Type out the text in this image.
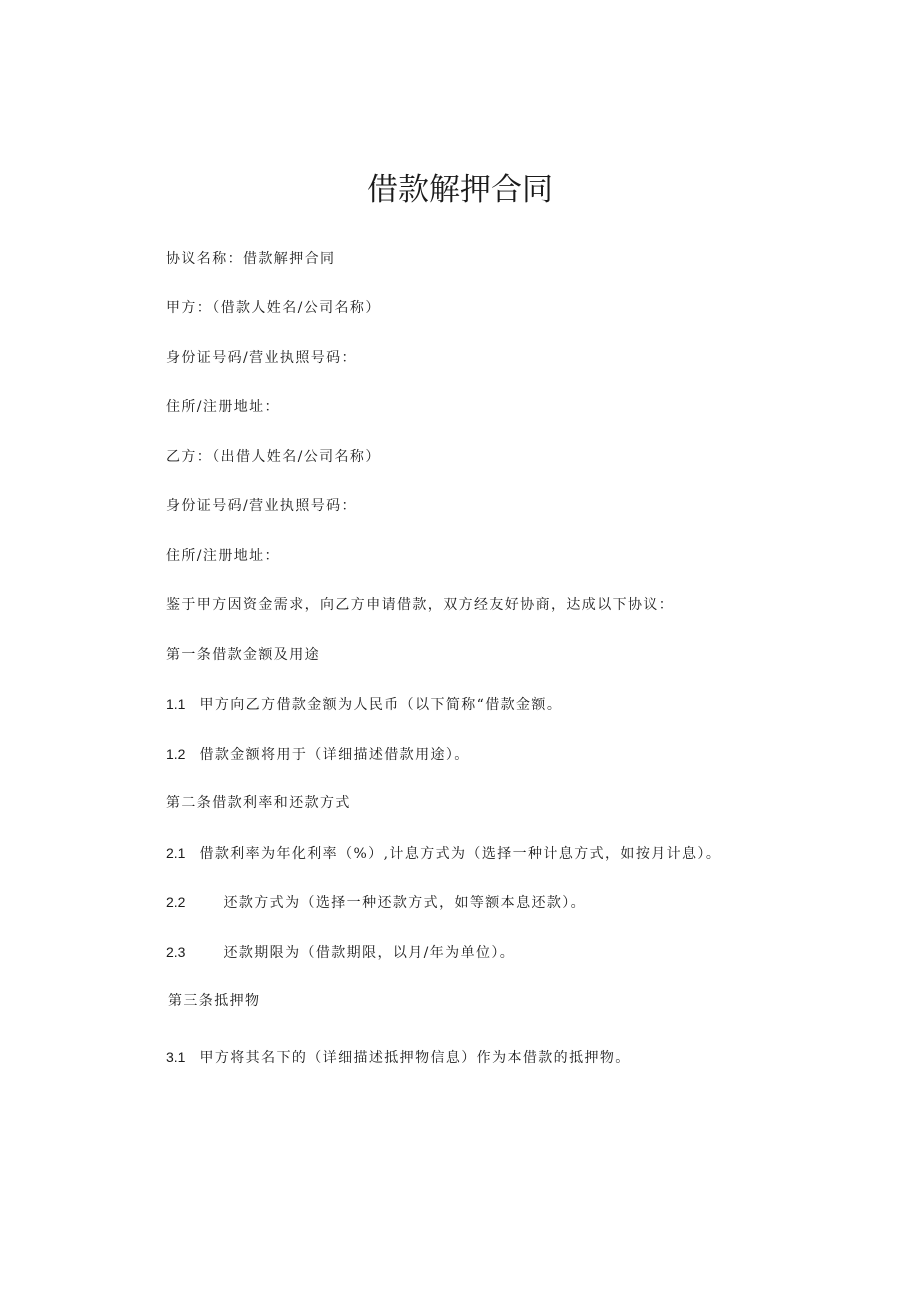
借款解押合同

协议名称：借款解押合同

甲方：（借款人姓名/公司名称）

身份证号码/营业执照号码：

住所/注册地址：

乙方：（出借人姓名/公司名称）

身份证号码/营业执照号码：

住所/注册地址：

鉴于甲方因资金需求，向乙方申请借款，双方经友好协商，达成以下协议：

第一条借款金额及用途

1.1 甲方向乙方借款金额为人民币（以下简称“借款金额。

1.2 借款金额将用于（详细描述借款用途）。

第二条借款利率和还款方式

2.1 借款利率为年化利率（%）,计息方式为（选择一种计息方式，如按月计息）。

2.2	还款方式为（选择一种还款方式，如等额本息还款）。

2.3	还款期限为（借款期限，以月/年为单位）。

第三条抵押物

3.1 甲方将其名下的（详细描述抵押物信息）作为本借款的抵押物。
